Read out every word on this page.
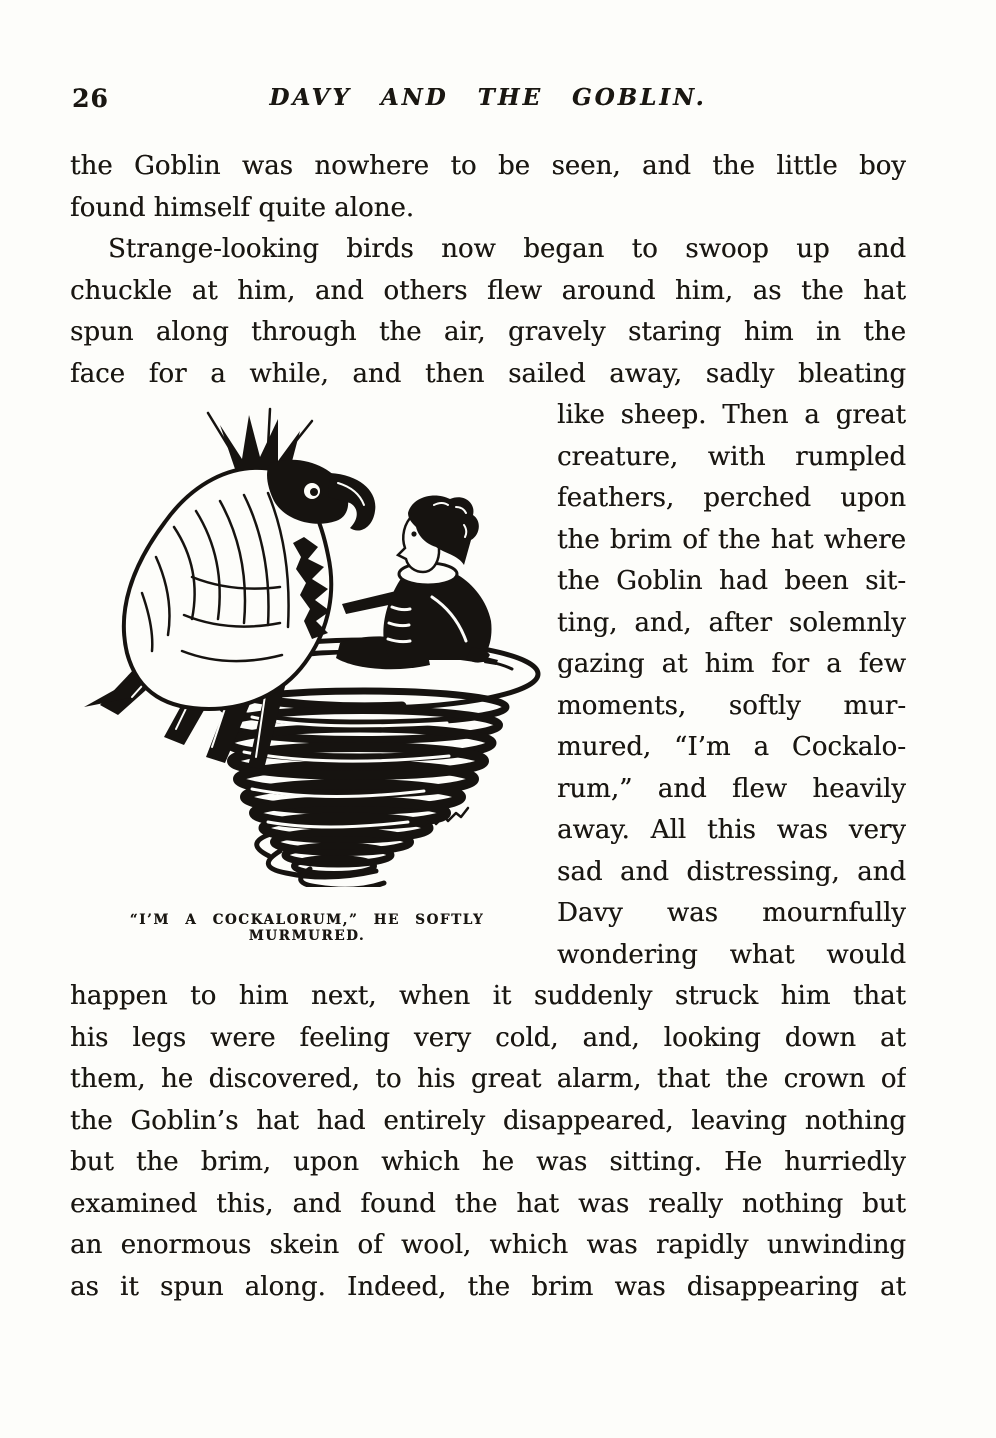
26	DAVY AND THE GOBLIN.
the Goblin was nowhere to be seen, and the little boy
found himself quite alone.
Strange-looking birds now began to swoop up and
chuckle at him, and others flew around him, as the hat
spun along through the air, gravely staring him in the
face for a while, and then sailed away, sadly bleating
“I’M A COCKALORUM,” HE SOFTLY MURMURED.
like sheep. Then a great
creature, with rumpled
feathers, perched upon
the brim of the hat where
the Goblin had been sit-
ting, and, after solemnly
gazing at him for a few
moments, softly mur-
mured, “I’m a Cockalo-
rum,” and flew heavily
away. All this was very
sad and distressing, and
Davy was mournfully
wondering what would
happen to him next, when it suddenly struck him that
his legs were feeling very cold, and, looking down at
them, he discovered, to his great alarm, that the crown of
the Goblin’s hat had entirely disappeared, leaving nothing
but the brim, upon which he was sitting. He hurriedly
examined this, and found the hat was really nothing but
an enormous skein of wool, which was rapidly unwinding
as it spun along. Indeed, the brim was disappearing at
